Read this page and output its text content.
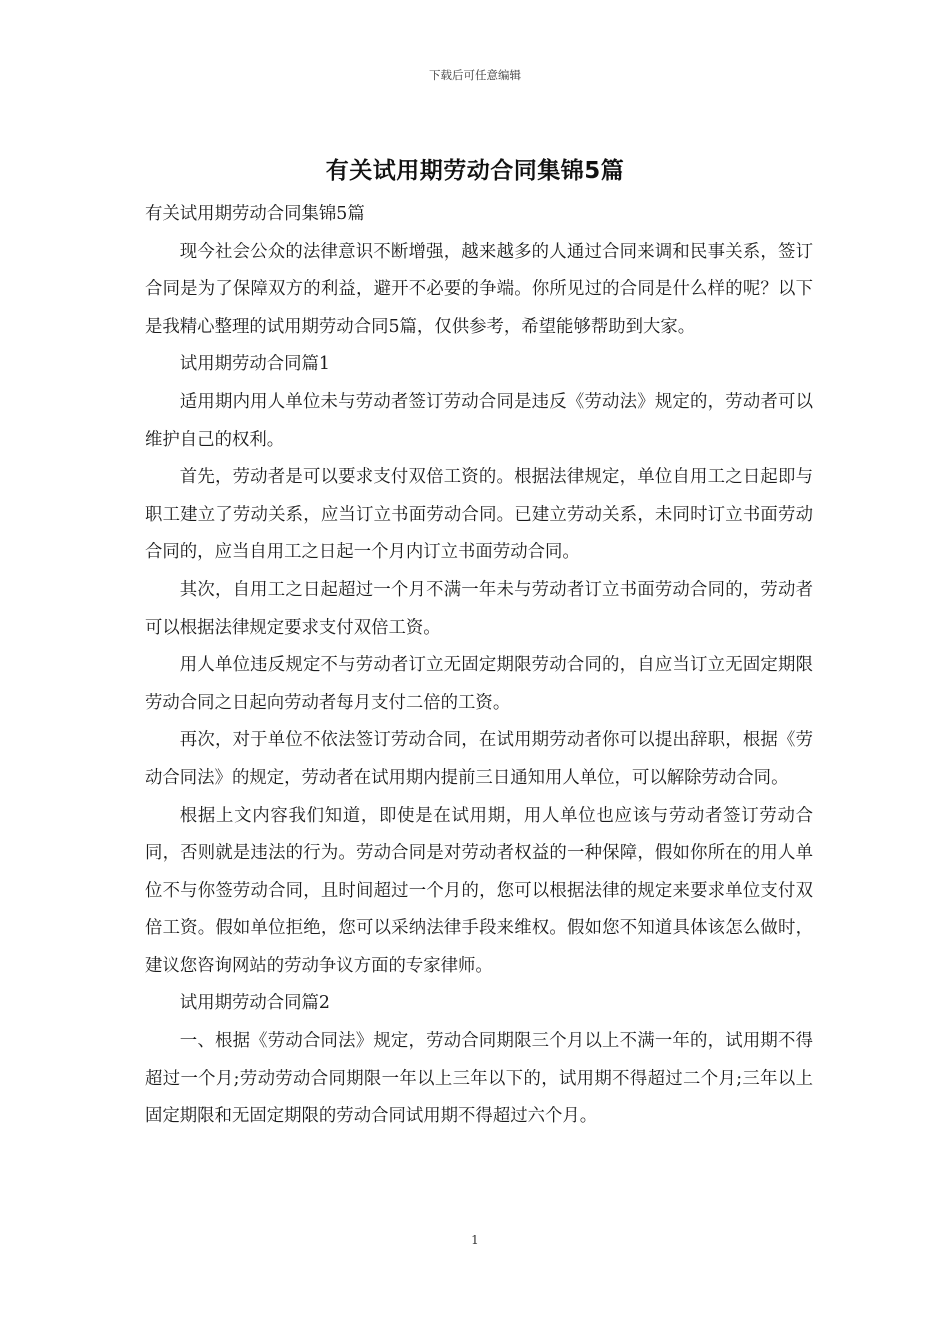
下载后可任意编辑
有关试用期劳动合同集锦5篇

有关试用期劳动合同集锦5篇

现今社会公众的法律意识不断增强，越来越多的人通过合同来调和民事关系，签订合同是为了保障双方的利益，避开不必要的争端。你所见过的合同是什么样的呢？以下是我精心整理的试用期劳动合同5篇，仅供参考，希望能够帮助到大家。

试用期劳动合同篇1

适用期内用人单位未与劳动者签订劳动合同是违反《劳动法》规定的，劳动者可以维护自己的权利。

首先，劳动者是可以要求支付双倍工资的。根据法律规定，单位自用工之日起即与职工建立了劳动关系，应当订立书面劳动合同。已建立劳动关系，未同时订立书面劳动合同的，应当自用工之日起一个月内订立书面劳动合同。

其次，自用工之日起超过一个月不满一年未与劳动者订立书面劳动合同的，劳动者可以根据法律规定要求支付双倍工资。

用人单位违反规定不与劳动者订立无固定期限劳动合同的，自应当订立无固定期限劳动合同之日起向劳动者每月支付二倍的工资。

再次，对于单位不依法签订劳动合同，在试用期劳动者你可以提出辞职，根据《劳动合同法》的规定，劳动者在试用期内提前三日通知用人单位，可以解除劳动合同。

根据上文内容我们知道，即使是在试用期，用人单位也应该与劳动者签订劳动合同，否则就是违法的行为。劳动合同是对劳动者权益的一种保障，假如你所在的用人单位不与你签劳动合同，且时间超过一个月的，您可以根据法律的规定来要求单位支付双倍工资。假如单位拒绝，您可以采纳法律手段来维权。假如您不知道具体该怎么做时，建议您咨询网站的劳动争议方面的专家律师。

试用期劳动合同篇2

一、根据《劳动合同法》规定，劳动合同期限三个月以上不满一年的，试用期不得超过一个月;劳动劳动合同期限一年以上三年以下的，试用期不得超过二个月;三年以上固定期限和无固定期限的劳动合同试用期不得超过六个月。

1
